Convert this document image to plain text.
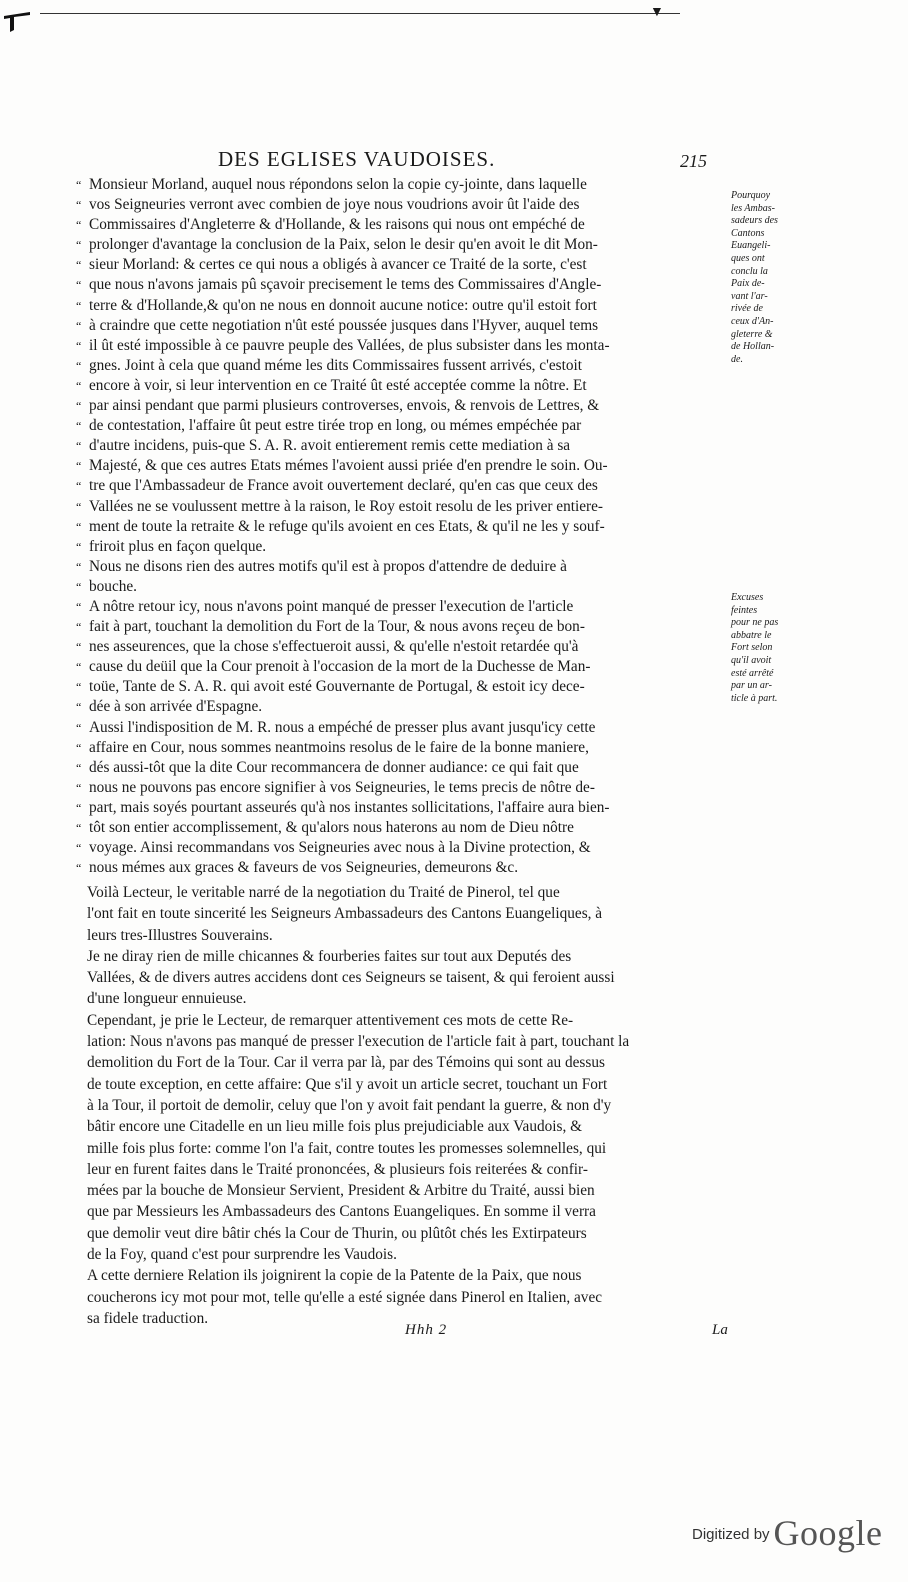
▼
DES EGLISES VAUDOISES.	215
“ Monsieur Morland, auquel nous répondons selon la copie cy-jointe, dans laquelle
“ vos Seigneuries verront avec combien de joye nous voudrions avoir ût l'aide des
“ Commissaires d'Angleterre & d'Hollande, & les raisons qui nous ont empéché de
“ prolonger d'avantage la conclusion de la Paix, selon le desir qu'en avoit le dit Mon-
“ sieur Morland: & certes ce qui nous a obligés à avancer ce Traité de la sorte, c'est
“ que nous n'avons jamais pû sçavoir precisement le tems des Commissaires d'Angle-
“ terre & d'Hollande,& qu'on ne nous en donnoit aucune notice: outre qu'il estoit fort
“ à craindre que cette negotiation n'ût esté poussée jusques dans l'Hyver, auquel tems
“ il ût esté impossible à ce pauvre peuple des Vallées, de plus subsister dans les monta-
“ gnes. Joint à cela que quand méme les dits Commissaires fussent arrivés, c'estoit
“ encore à voir, si leur intervention en ce Traité ût esté acceptée comme la nôtre. Et
“ par ainsi pendant que parmi plusieurs controverses, envois, & renvois de Lettres, &
“ de contestation, l'affaire ût peut estre tirée trop en long, ou mémes empéchée par
“ d'autre incidens, puis-que S. A. R. avoit entierement remis cette mediation à sa
“ Majesté, & que ces autres Etats mémes l'avoient aussi priée d'en prendre le soin. Ou-
“ tre que l'Ambassadeur de France avoit ouvertement declaré, qu'en cas que ceux des
“ Vallées ne se voulussent mettre à la raison, le Roy estoit resolu de les priver entiere-
“ ment de toute la retraite & le refuge qu'ils avoient en ces Etats, & qu'il ne les y souf-
“ friroit plus en façon quelque.
“ Nous ne disons rien des autres motifs qu'il est à propos d'attendre de deduire à
“ bouche.
“ A nôtre retour icy, nous n'avons point manqué de presser l'execution de l'article
“ fait à part, touchant la demolition du Fort de la Tour, & nous avons reçeu de bon-
“ nes asseurences, que la chose s'effectueroit aussi, & qu'elle n'estoit retardée qu'à
“ cause du deüil que la Cour prenoit à l'occasion de la mort de la Duchesse de Man-
“ toüe, Tante de S. A. R. qui avoit esté Gouvernante de Portugal, & estoit icy dece-
“ dée à son arrivée d'Espagne.
“ Aussi l'indisposition de M. R. nous a empéché de presser plus avant jusqu'icy cette
“ affaire en Cour, nous sommes neantmoins resolus de le faire de la bonne maniere,
“ dés aussi-tôt que la dite Cour recommancera de donner audiance: ce qui fait que
“ nous ne pouvons pas encore signifier à vos Seigneuries, le tems precis de nôtre de-
“ part, mais soyés pourtant asseurés qu'à nos instantes sollicitations, l'affaire aura bien-
“ tôt son entier accomplissement, & qu'alors nous haterons au nom de Dieu nôtre
“ voyage. Ainsi recommandans vos Seigneuries avec nous à la Divine protection, &
“ nous mémes aux graces & faveurs de vos Seigneuries, demeurons &c.
Pourquoy
les Ambas-
sadeurs des
Cantons
Euangeli-
ques ont
conclu la
Paix de-
vant l'ar-
rivée de
ceux d'An-
gleterre &
de Hollan-
de.
Excuses
feintes
pour ne pas
abbatre le
Fort selon
qu'il avoit
esté arrêté
par un ar-
ticle à part.
Voilà Lecteur, le veritable narré de la negotiation du Traité de Pinerol, tel que
l'ont fait en toute sincerité les Seigneurs Ambassadeurs des Cantons Euangeliques, à
leurs tres-Illustres Souverains.
Je ne diray rien de mille chicannes & fourberies faites sur tout aux Deputés des
Vallées, & de divers autres accidens dont ces Seigneurs se taisent, & qui feroient aussi
d'une longueur ennuieuse.
Cependant, je prie le Lecteur, de remarquer attentivement ces mots de cette Re-
lation: Nous n'avons pas manqué de presser l'execution de l'article fait à part, touchant la
demolition du Fort de la Tour. Car il verra par là, par des Témoins qui sont au dessus
de toute exception, en cette affaire: Que s'il y avoit un article secret, touchant un Fort
à la Tour, il portoit de demolir, celuy que l'on y avoit fait pendant la guerre, & non d'y
bâtir encore une Citadelle en un lieu mille fois plus prejudiciable aux Vaudois, &
mille fois plus forte: comme l'on l'a fait, contre toutes les promesses solemnelles, qui
leur en furent faites dans le Traité prononcées, & plusieurs fois reiterées & confir-
mées par la bouche de Monsieur Servient, President & Arbitre du Traité, aussi bien
que par Messieurs les Ambassadeurs des Cantons Euangeliques. En somme il verra
que demolir veut dire bâtir chés la Cour de Thurin, ou plûtôt chés les Extirpateurs
de la Foy, quand c'est pour surprendre les Vaudois.
A cette derniere Relation ils joignirent la copie de la Patente de la Paix, que nous
coucherons icy mot pour mot, telle qu'elle a esté signée dans Pinerol en Italien, avec
sa fidele traduction.
Hhh 2	La
Digitized by Google
